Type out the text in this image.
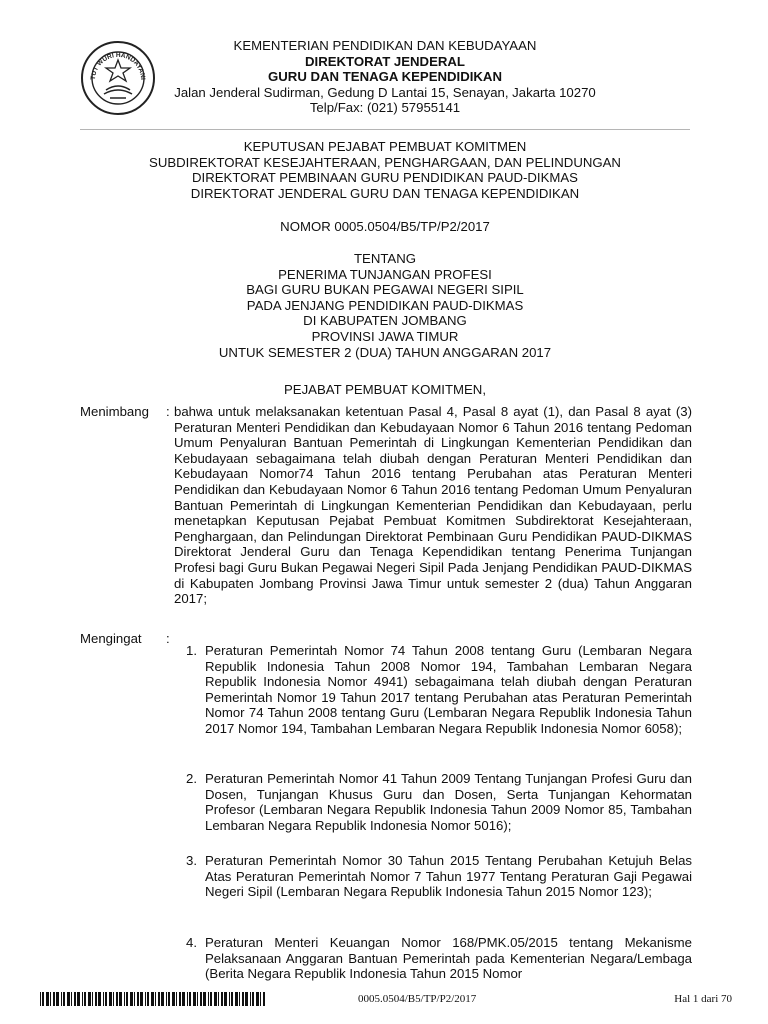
TUT WURI HANDAYANI
KEMENTERIAN PENDIDIKAN DAN KEBUDAYAAN
DIREKTORAT JENDERAL
GURU DAN TENAGA KEPENDIDIKAN
Jalan Jenderal Sudirman, Gedung D Lantai 15, Senayan, Jakarta 10270
Telp/Fax: (021) 57955141
KEPUTUSAN PEJABAT PEMBUAT KOMITMEN
SUBDIREKTORAT KESEJAHTERAAN, PENGHARGAAN, DAN PELINDUNGAN
DIREKTORAT PEMBINAAN GURU PENDIDIKAN PAUD-DIKMAS
DIREKTORAT JENDERAL GURU DAN TENAGA KEPENDIDIKAN
NOMOR 0005.0504/B5/TP/P2/2017
TENTANG
PENERIMA TUNJANGAN PROFESI
BAGI GURU BUKAN PEGAWAI NEGERI SIPIL
PADA JENJANG PENDIDIKAN PAUD-DIKMAS
DI KABUPATEN JOMBANG
PROVINSI JAWA TIMUR
UNTUK SEMESTER 2 (DUA) TAHUN ANGGARAN 2017
PEJABAT PEMBUAT KOMITMEN,
Menimbang : bahwa untuk melaksanakan ketentuan Pasal 4, Pasal 8 ayat (1), dan Pasal 8 ayat (3) Peraturan Menteri Pendidikan dan Kebudayaan Nomor 6 Tahun 2016 tentang Pedoman Umum Penyaluran Bantuan Pemerintah di Lingkungan Kementerian Pendidikan dan Kebudayaan sebagaimana telah diubah dengan Peraturan Menteri Pendidikan dan Kebudayaan Nomor74 Tahun 2016 tentang Perubahan atas Peraturan Menteri Pendidikan dan Kebudayaan Nomor 6 Tahun 2016 tentang Pedoman Umum Penyaluran Bantuan Pemerintah di Lingkungan Kementerian Pendidikan dan Kebudayaan, perlu menetapkan Keputusan Pejabat Pembuat Komitmen Subdirektorat Kesejahteraan, Penghargaan, dan Pelindungan Direktorat Pembinaan Guru Pendidikan PAUD-DIKMAS Direktorat Jenderal Guru dan Tenaga Kependidikan tentang Penerima Tunjangan Profesi bagi Guru Bukan Pegawai Negeri Sipil Pada Jenjang Pendidikan PAUD-DIKMAS di Kabupaten Jombang Provinsi Jawa Timur untuk semester 2 (dua) Tahun Anggaran 2017;
Mengingat :
1. Peraturan Pemerintah Nomor 74 Tahun 2008 tentang Guru (Lembaran Negara Republik Indonesia Tahun 2008 Nomor 194, Tambahan Lembaran Negara Republik Indonesia Nomor 4941) sebagaimana telah diubah dengan Peraturan Pemerintah Nomor 19 Tahun 2017 tentang Perubahan atas Peraturan Pemerintah Nomor 74 Tahun 2008 tentang Guru (Lembaran Negara Republik Indonesia Tahun 2017 Nomor 194, Tambahan Lembaran Negara Republik Indonesia Nomor 6058);
2. Peraturan Pemerintah Nomor 41 Tahun 2009 Tentang Tunjangan Profesi Guru dan Dosen, Tunjangan Khusus Guru dan Dosen, Serta Tunjangan Kehormatan Profesor (Lembaran Negara Republik Indonesia Tahun 2009 Nomor 85, Tambahan Lembaran Negara Republik Indonesia Nomor 5016);
3. Peraturan Pemerintah Nomor 30 Tahun 2015 Tentang Perubahan Ketujuh Belas Atas Peraturan Pemerintah Nomor 7 Tahun 1977 Tentang Peraturan Gaji Pegawai Negeri Sipil (Lembaran Negara Republik Indonesia Tahun 2015 Nomor 123);
4. Peraturan Menteri Keuangan Nomor 168/PMK.05/2015 tentang Mekanisme Pelaksanaan Anggaran Bantuan Pemerintah pada Kementerian Negara/Lembaga (Berita Negara Republik Indonesia Tahun 2015 Nomor
0005.0504/B5/TP/P2/2017	Hal 1 dari 70
